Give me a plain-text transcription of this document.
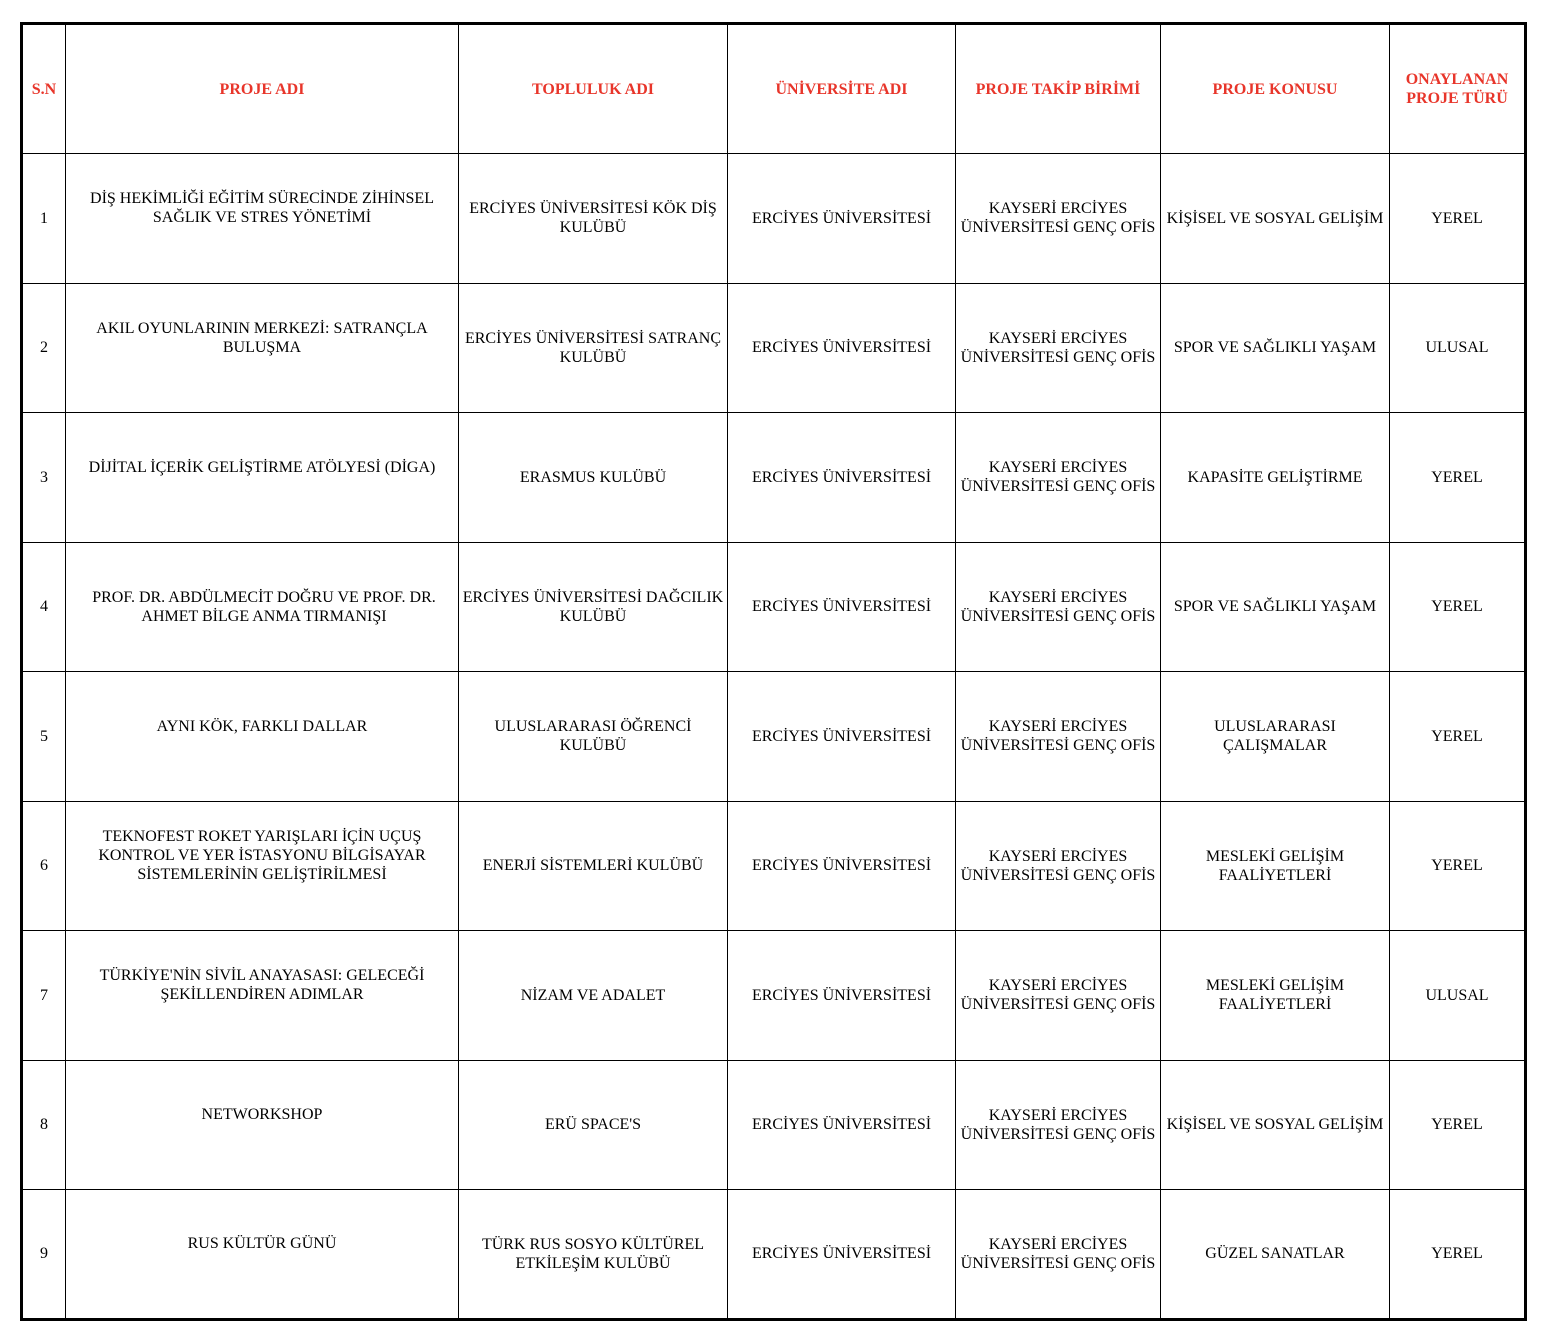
S.N	PROJE ADI	TOPLULUK ADI	ÜNİVERSİTE ADI	PROJE TAKİP BİRİMİ	PROJE KONUSU	ONAYLANAN PROJE TÜRÜ
1	DİŞ HEKİMLİĞİ EĞİTİM SÜRECİNDE ZİHİNSEL SAĞLIK VE STRES YÖNETİMİ	ERCİYES ÜNİVERSİTESİ KÖK DİŞ KULÜBÜ	ERCİYES ÜNİVERSİTESİ	KAYSERİ ERCİYES ÜNİVERSİTESİ GENÇ OFİS	KİŞİSEL VE SOSYAL GELİŞİM	YEREL
2	AKIL OYUNLARININ MERKEZİ: SATRANÇLA BULUŞMA	ERCİYES ÜNİVERSİTESİ SATRANÇ KULÜBÜ	ERCİYES ÜNİVERSİTESİ	KAYSERİ ERCİYES ÜNİVERSİTESİ GENÇ OFİS	SPOR VE SAĞLIKLI YAŞAM	ULUSAL
3	DİJİTAL İÇERİK GELİŞTİRME ATÖLYESİ (DİGA)	ERASMUS KULÜBÜ	ERCİYES ÜNİVERSİTESİ	KAYSERİ ERCİYES ÜNİVERSİTESİ GENÇ OFİS	KAPASİTE GELİŞTİRME	YEREL
4	PROF. DR. ABDÜLMECİT DOĞRU VE PROF. DR. AHMET BİLGE ANMA TIRMANIŞI	ERCİYES ÜNİVERSİTESİ DAĞCILIK KULÜBÜ	ERCİYES ÜNİVERSİTESİ	KAYSERİ ERCİYES ÜNİVERSİTESİ GENÇ OFİS	SPOR VE SAĞLIKLI YAŞAM	YEREL
5	AYNI KÖK, FARKLI DALLAR	ULUSLARARASI ÖĞRENCİ KULÜBÜ	ERCİYES ÜNİVERSİTESİ	KAYSERİ ERCİYES ÜNİVERSİTESİ GENÇ OFİS	ULUSLARARASI ÇALIŞMALAR	YEREL
6	TEKNOFEST ROKET YARIŞLARI İÇİN UÇUŞ KONTROL VE YER İSTASYONU BİLGİSAYAR SİSTEMLERİNİN GELİŞTİRİLMESİ	ENERJİ SİSTEMLERİ KULÜBÜ	ERCİYES ÜNİVERSİTESİ	KAYSERİ ERCİYES ÜNİVERSİTESİ GENÇ OFİS	MESLEKİ GELİŞİM FAALİYETLERİ	YEREL
7	TÜRKİYE'NİN SİVİL ANAYASASI: GELECEĞİ ŞEKİLLENDİREN ADIMLAR	NİZAM VE ADALET	ERCİYES ÜNİVERSİTESİ	KAYSERİ ERCİYES ÜNİVERSİTESİ GENÇ OFİS	MESLEKİ GELİŞİM FAALİYETLERİ	ULUSAL
8	NETWORKSHOP	ERÜ SPACE'S	ERCİYES ÜNİVERSİTESİ	KAYSERİ ERCİYES ÜNİVERSİTESİ GENÇ OFİS	KİŞİSEL VE SOSYAL GELİŞİM	YEREL
9	RUS KÜLTÜR GÜNÜ	TÜRK RUS SOSYO KÜLTÜREL ETKİLEŞİM KULÜBÜ	ERCİYES ÜNİVERSİTESİ	KAYSERİ ERCİYES ÜNİVERSİTESİ GENÇ OFİS	GÜZEL SANATLAR	YEREL
